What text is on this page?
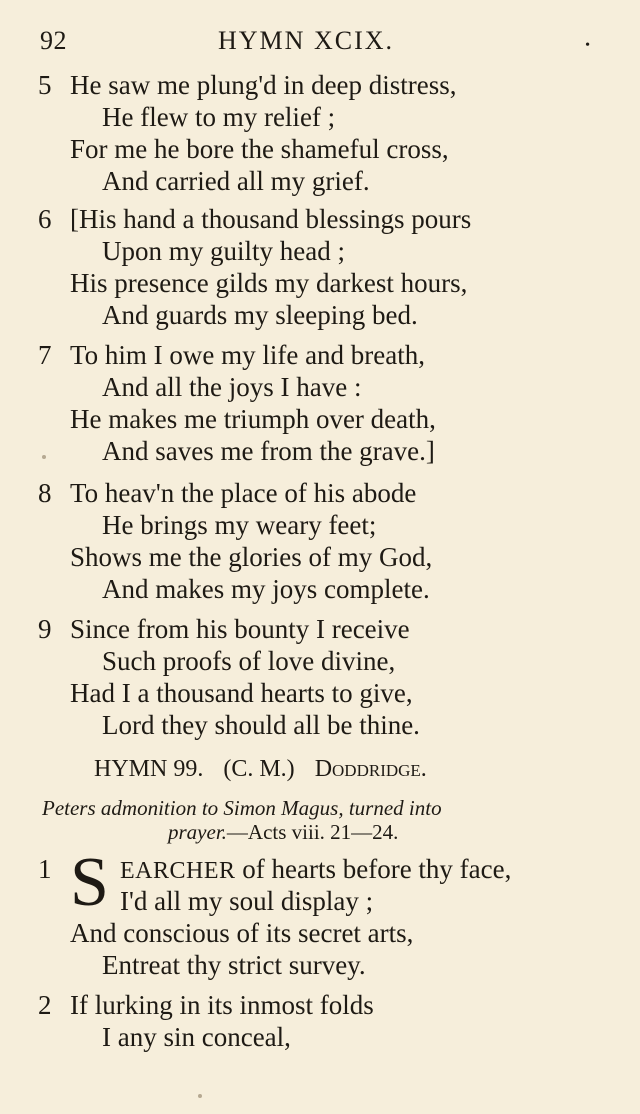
92	HYMN XCIX.	•
5 He saw me plung'd in deep distress,
He flew to my relief ;
For me he bore the shameful cross,
And carried all my grief.
6 [His hand a thousand blessings pours
Upon my guilty head ;
His presence gilds my darkest hours,
And guards my sleeping bed.
7 To him I owe my life and breath,
And all the joys I have :
He makes me triumph over death,
And saves me from the grave.]
8 To heav'n the place of his abode
He brings my weary feet;
Shows me the glories of my God,
And makes my joys complete.
9 Since from his bounty I receive
Such proofs of love divine,
Had I a thousand hearts to give,
Lord they should all be thine.
HYMN 99. (C. M.) Doddridge.
Peters admonition to Simon Magus, turned into
prayer.—Acts viii. 21—24.
1 S EARCHER of hearts before thy face,
I'd all my soul display ;
And conscious of its secret arts,
Entreat thy strict survey.
2 If lurking in its inmost folds
I any sin conceal,
